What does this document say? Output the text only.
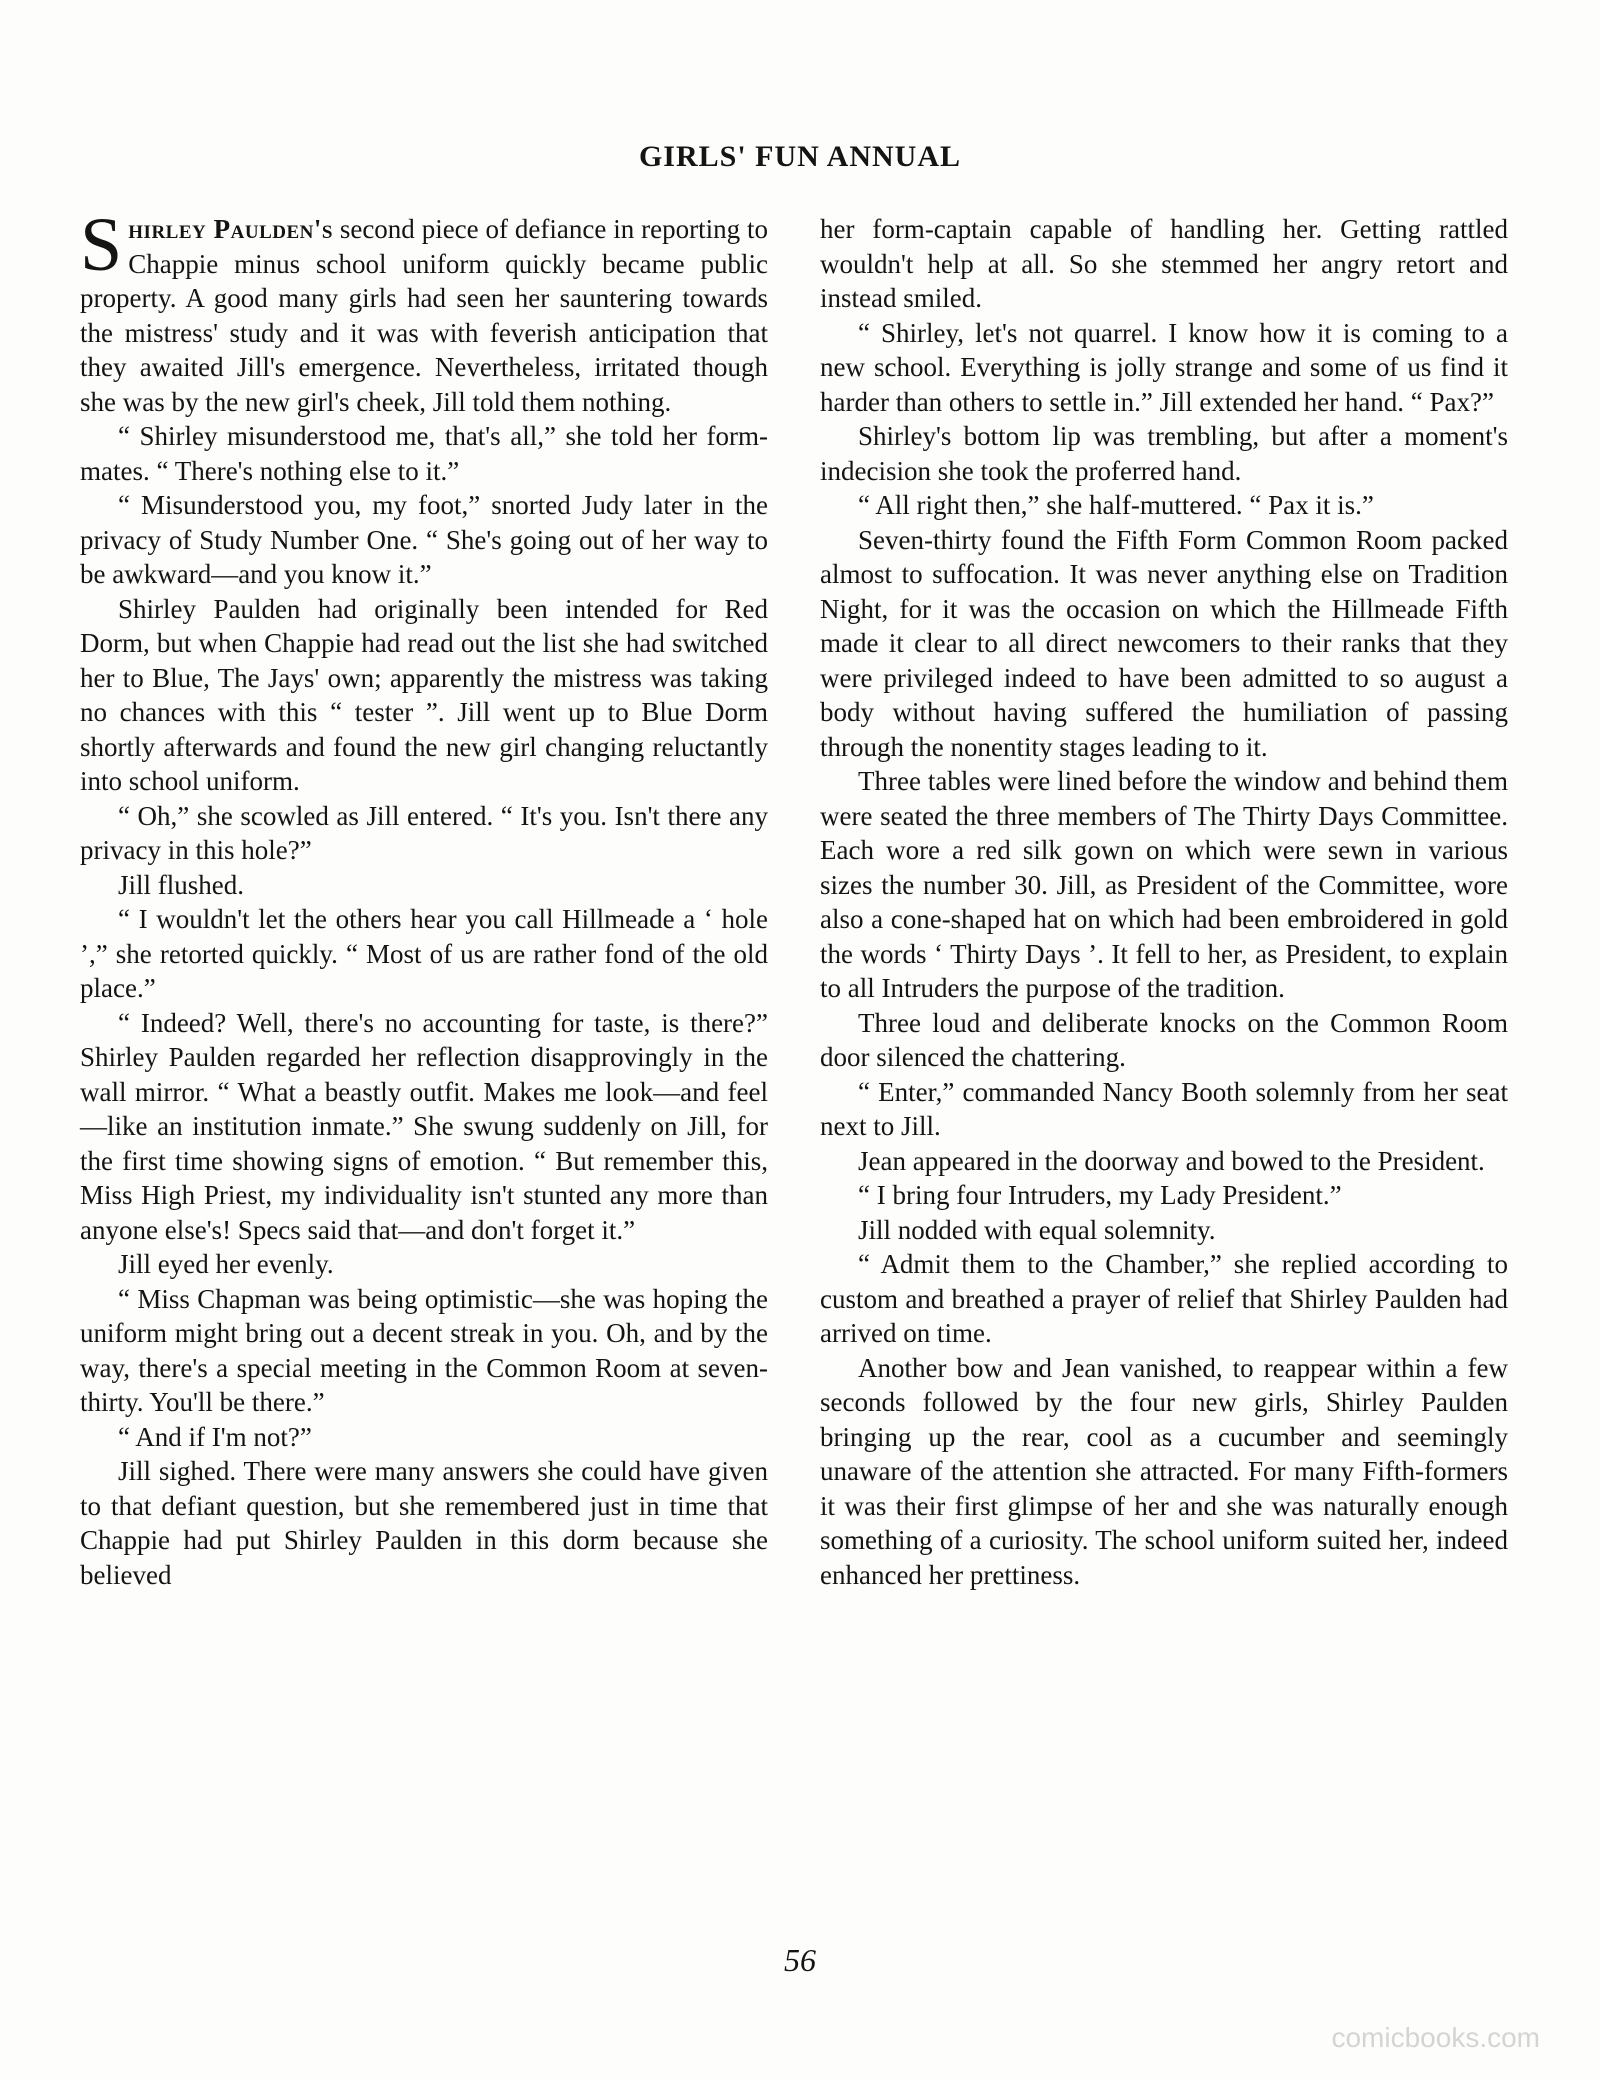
GIRLS' FUN ANNUAL

Shirley Paulden's second piece of defiance in reporting to Chappie minus school uniform quickly became public property. A good many girls had seen her sauntering towards the mistress' study and it was with feverish anticipation that they awaited Jill's emergence. Nevertheless, irritated though she was by the new girl's cheek, Jill told them nothing.

“ Shirley misunderstood me, that's all,” she told her form-mates. “ There's nothing else to it.”

“ Misunderstood you, my foot,” snorted Judy later in the privacy of Study Number One. “ She's going out of her way to be awkward—and you know it.”

Shirley Paulden had originally been intended for Red Dorm, but when Chappie had read out the list she had switched her to Blue, The Jays' own; apparently the mistress was taking no chances with this “ tester ”. Jill went up to Blue Dorm shortly afterwards and found the new girl changing reluctantly into school uniform.

“ Oh,” she scowled as Jill entered. “ It's you. Isn't there any privacy in this hole?”

Jill flushed.

“ I wouldn't let the others hear you call Hillmeade a ‘ hole ’,” she retorted quickly. “ Most of us are rather fond of the old place.”

“ Indeed? Well, there's no accounting for taste, is there?” Shirley Paulden regarded her reflection disapprovingly in the wall mirror. “ What a beastly outfit. Makes me look—and feel—like an institution inmate.” She swung suddenly on Jill, for the first time showing signs of emotion. “ But remember this, Miss High Priest, my individuality isn't stunted any more than anyone else's! Specs said that—and don't forget it.”

Jill eyed her evenly.

“ Miss Chapman was being optimistic—she was hoping the uniform might bring out a decent streak in you. Oh, and by the way, there's a special meeting in the Common Room at seven-thirty. You'll be there.”

“ And if I'm not?”

Jill sighed. There were many answers she could have given to that defiant question, but she remembered just in time that Chappie had put Shirley Paulden in this dorm because she believed

her form-captain capable of handling her. Getting rattled wouldn't help at all. So she stemmed her angry retort and instead smiled.

“ Shirley, let's not quarrel. I know how it is coming to a new school. Everything is jolly strange and some of us find it harder than others to settle in.” Jill extended her hand. “ Pax?”

Shirley's bottom lip was trembling, but after a moment's indecision she took the proferred hand.

“ All right then,” she half-muttered. “ Pax it is.”

Seven-thirty found the Fifth Form Common Room packed almost to suffocation. It was never anything else on Tradition Night, for it was the occasion on which the Hillmeade Fifth made it clear to all direct newcomers to their ranks that they were privileged indeed to have been admitted to so august a body without having suffered the humiliation of passing through the nonentity stages leading to it.

Three tables were lined before the window and behind them were seated the three members of The Thirty Days Committee. Each wore a red silk gown on which were sewn in various sizes the number 30. Jill, as President of the Committee, wore also a cone-shaped hat on which had been embroidered in gold the words ‘ Thirty Days ’. It fell to her, as President, to explain to all Intruders the purpose of the tradition.

Three loud and deliberate knocks on the Common Room door silenced the chattering.

“ Enter,” commanded Nancy Booth solemnly from her seat next to Jill.

Jean appeared in the doorway and bowed to the President.

“ I bring four Intruders, my Lady President.”

Jill nodded with equal solemnity.

“ Admit them to the Chamber,” she replied according to custom and breathed a prayer of relief that Shirley Paulden had arrived on time.

Another bow and Jean vanished, to reappear within a few seconds followed by the four new girls, Shirley Paulden bringing up the rear, cool as a cucumber and seemingly unaware of the attention she attracted. For many Fifth-formers it was their first glimpse of her and she was naturally enough something of a curiosity. The school uniform suited her, indeed enhanced her prettiness.

56
comicbooks.com
